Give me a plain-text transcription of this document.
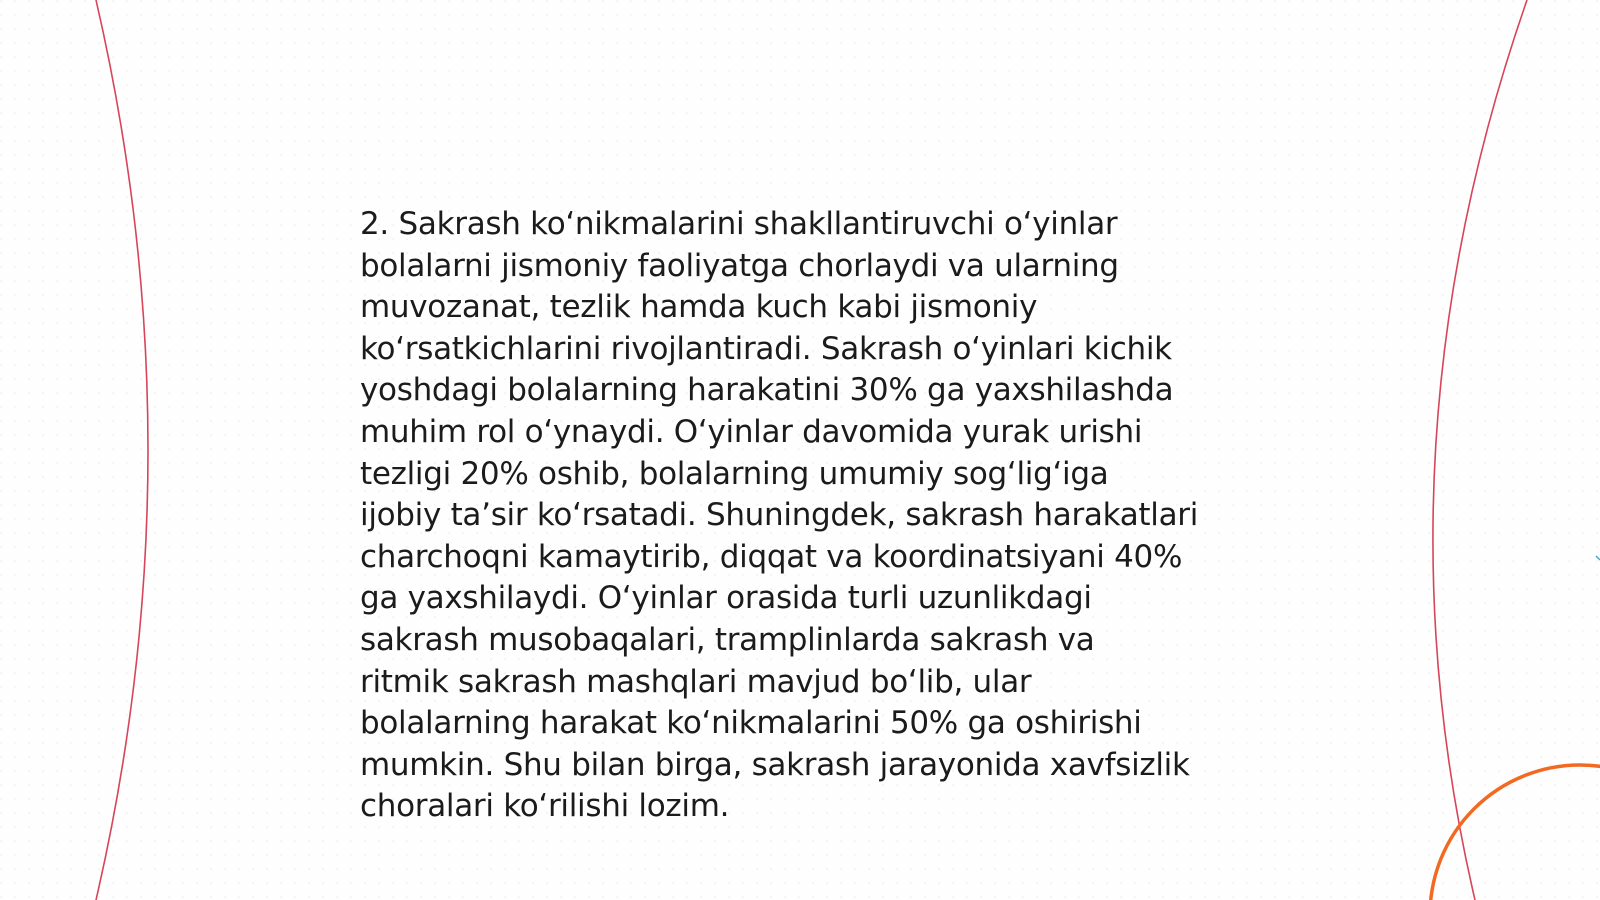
2. Sakrash ko‘nikmalarini shakllantiruvchi o‘yinlar
bolalarni jismoniy faoliyatga chorlaydi va ularning
muvozanat, tezlik hamda kuch kabi jismoniy
ko‘rsatkichlarini rivojlantiradi. Sakrash o‘yinlari kichik
yoshdagi bolalarning harakatini 30% ga yaxshilashda
muhim rol o‘ynaydi. O‘yinlar davomida yurak urishi
tezligi 20% oshib, bolalarning umumiy sog‘lig‘iga
ijobiy ta’sir ko‘rsatadi. Shuningdek, sakrash harakatlari
charchoqni kamaytirib, diqqat va koordinatsiyani 40%
ga yaxshilaydi. O‘yinlar orasida turli uzunlikdagi
sakrash musobaqalari, tramplinlarda sakrash va
ritmik sakrash mashqlari mavjud bo‘lib, ular
bolalarning harakat ko‘nikmalarini 50% ga oshirishi
mumkin. Shu bilan birga, sakrash jarayonida xavfsizlik
choralari ko‘rilishi lozim.
